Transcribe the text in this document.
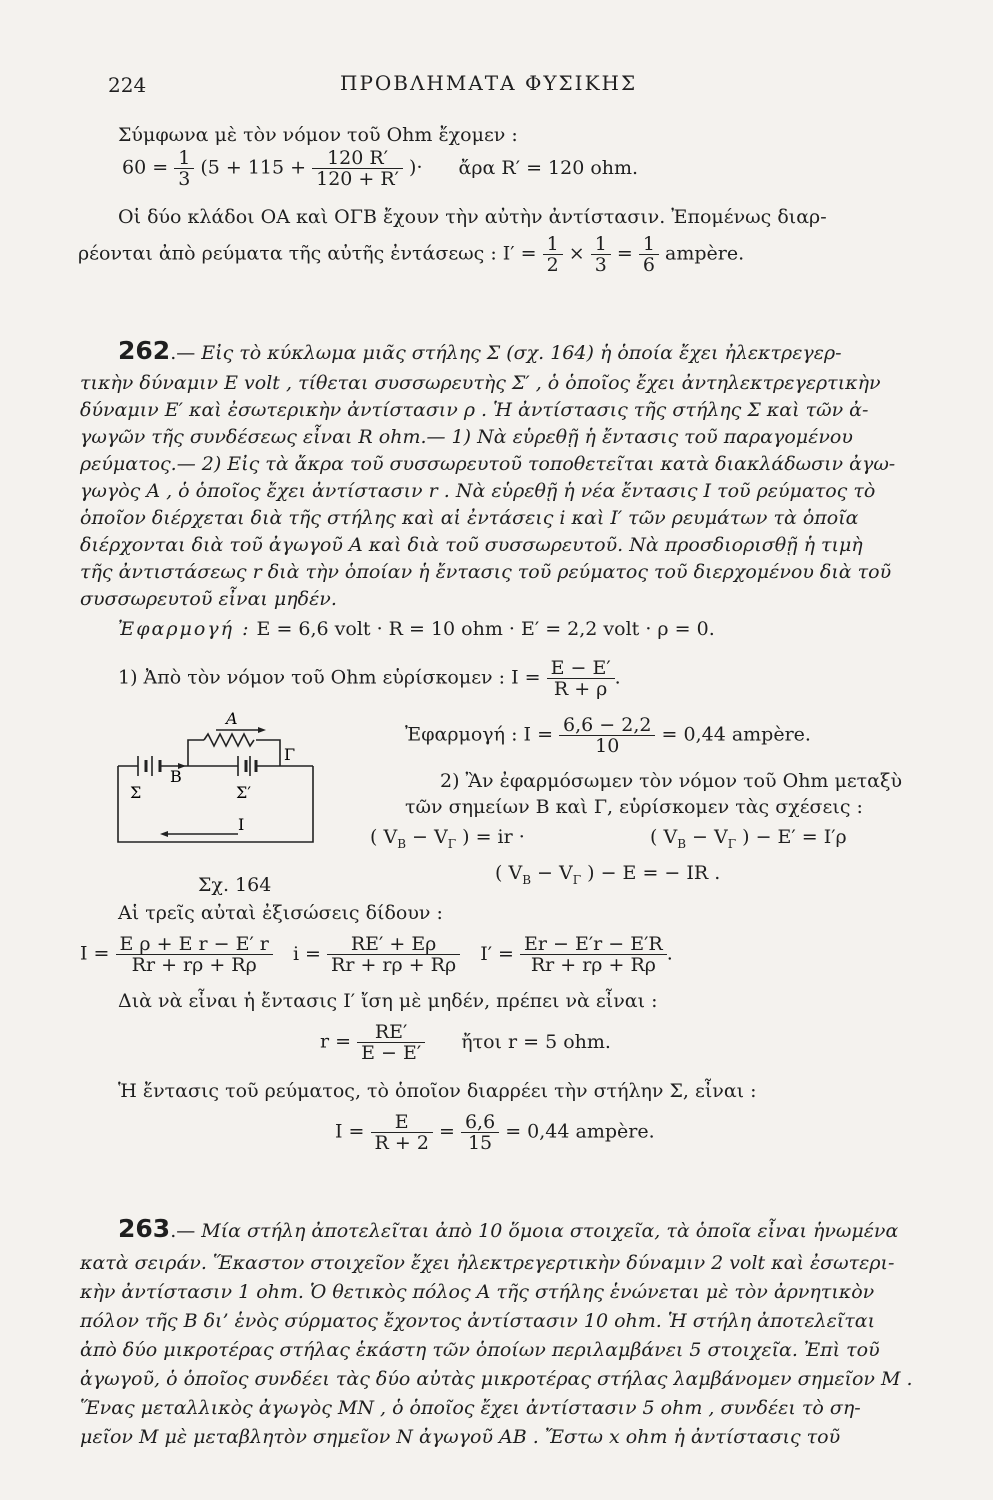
224	ΠΡΟΒΛΗΜΑΤΑ ΦΥΣΙΚΗΣ
Σύμφωνα μὲ τὸν νόμον τοῦ Ohm ἔχομεν :
$60 = \frac{1}{3} (5 + 115 + \frac{120 R'}{120 + R'}$ )· ἄρα R′ = 120 ohm.
Οἱ δύο κλάδοι ΟΑ καὶ ΟΓΒ ἔχουν τὴν αὐτὴν ἀντίστασιν. Ἐπομένως διαρ-
ρέονται ἀπὸ ρεύματα τῆς αὐτῆς ἐντάσεως : $I' = \frac{1}{2} \times \frac{1}{3} = \frac{1}{6}$ ampère.
262.— Εἰς τὸ κύκλωμα μιᾶς στήλης Σ (σχ. 164) ἡ ὁποία ἔχει ἠλεκτρεγερ-
τικὴν δύναμιν E volt , τίθεται συσσωρευτὴς Σ′ , ὁ ὁποῖος ἔχει ἀντηλεκτρεγερτικὴν
δύναμιν E′ καὶ ἐσωτερικὴν ἀντίστασιν ρ . Ἡ ἀντίστασις τῆς στήλης Σ καὶ τῶν ἀ-
γωγῶν τῆς συνδέσεως εἶναι R ohm.— 1) Νὰ εὑρεθῇ ἡ ἔντασις τοῦ παραγομένου
ρεύματος.— 2) Εἰς τὰ ἄκρα τοῦ συσσωρευτοῦ τοποθετεῖται κατὰ διακλάδωσιν ἀγω-
γωγὸς A , ὁ ὁποῖος ἔχει ἀντίστασιν r . Νὰ εὑρεθῇ ἡ νέα ἔντασις I τοῦ ρεύματος τὸ
ὁποῖον διέρχεται διὰ τῆς στήλης καὶ αἱ ἐντάσεις i καὶ I′ τῶν ρευμάτων τὰ ὁποῖα
διέρχονται διὰ τοῦ ἀγωγοῦ A καὶ διὰ τοῦ συσσωρευτοῦ. Νὰ προσδιορισθῇ ἡ τιμὴ
τῆς ἀντιστάσεως r διὰ τὴν ὁποίαν ἡ ἔντασις τοῦ ρεύματος τοῦ διερχομένου διὰ τοῦ
συσσωρευτοῦ εἶναι μηδέν.
Ἐφαρμογή : E = 6,6 volt · R = 10 ohm · E′ = 2,2 volt · ρ = 0.
1) Ἀπὸ τὸν νόμον τοῦ Ohm εὑρίσκομεν : $I = \frac{E - E'}{R + \rho}$ .
Ἐφαρμογή : $I = \frac{6,6 - 2,2}{10} = 0,44$ ampère.
A
B
Γ
Σ	Σ′
I
2) Ἂν ἐφαρμόσωμεν τὸν νόμον τοῦ Ohm μεταξὺ
τῶν σημείων B καὶ Γ, εὑρίσκομεν τὰς σχέσεις :
( $V_B - V_\Gamma$ ) = ir ·	( $V_B - V_\Gamma$ ) − E′ = I′ρ
Σχ. 164
( $V_B - V_\Gamma$ ) − E = − IR .
Αἱ τρεῖς αὐταὶ ἐξισώσεις δίδουν :
$I = \frac{\text{E ρ + E r − E′ r}}{Rr + r\rho + R\rho}$ $i = \frac{RE' + E\rho}{Rr + r\rho + R\rho} I' = \frac{Er - E'r - E'R}{Rr + r\rho + R\rho}$ .
Διὰ νὰ εἶναι ἡ ἔντασις I′ ἴση μὲ μηδέν, πρέπει νὰ εἶναι :
$r = \frac{RE'}{E - E'}$ ἤτοι r = 5 ohm.
Ἡ ἔντασις τοῦ ρεύματος, τὸ ὁποῖον διαρρέει τὴν στήλην Σ, εἶναι :
$I = \frac{E}{R + 2} = \frac{6,6}{15} = 0,44$ ampère.
263.— Μία στήλη ἀποτελεῖται ἀπὸ 10 ὅμοια στοιχεῖα, τὰ ὁποῖα εἶναι ἡνωμένα
κατὰ σειράν. Ἕκαστον στοιχεῖον ἔχει ἠλεκτρεγερτικὴν δύναμιν 2 volt καὶ ἐσωτερι-
κὴν ἀντίστασιν 1 ohm. Ὁ θετικὸς πόλος A τῆς στήλης ἑνώνεται μὲ τὸν ἀρνητικὸν
πόλον τῆς B δι’ ἑνὸς σύρματος ἔχοντος ἀντίστασιν 10 ohm. Ἡ στήλη ἀποτελεῖται
ἀπὸ δύο μικροτέρας στήλας ἑκάστη τῶν ὁποίων περιλαμβάνει 5 στοιχεῖα. Ἐπὶ τοῦ
ἀγωγοῦ, ὁ ὁποῖος συνδέει τὰς δύο αὐτὰς μικροτέρας στήλας λαμβάνομεν σημεῖον M .
Ἕνας μεταλλικὸς ἀγωγὸς MN , ὁ ὁποῖος ἔχει ἀντίστασιν 5 ohm , συνδέει τὸ ση-
μεῖον M μὲ μεταβλητὸν σημεῖον N ἀγωγοῦ AB . Ἔστω x ohm ἡ ἀντίστασις τοῦ
